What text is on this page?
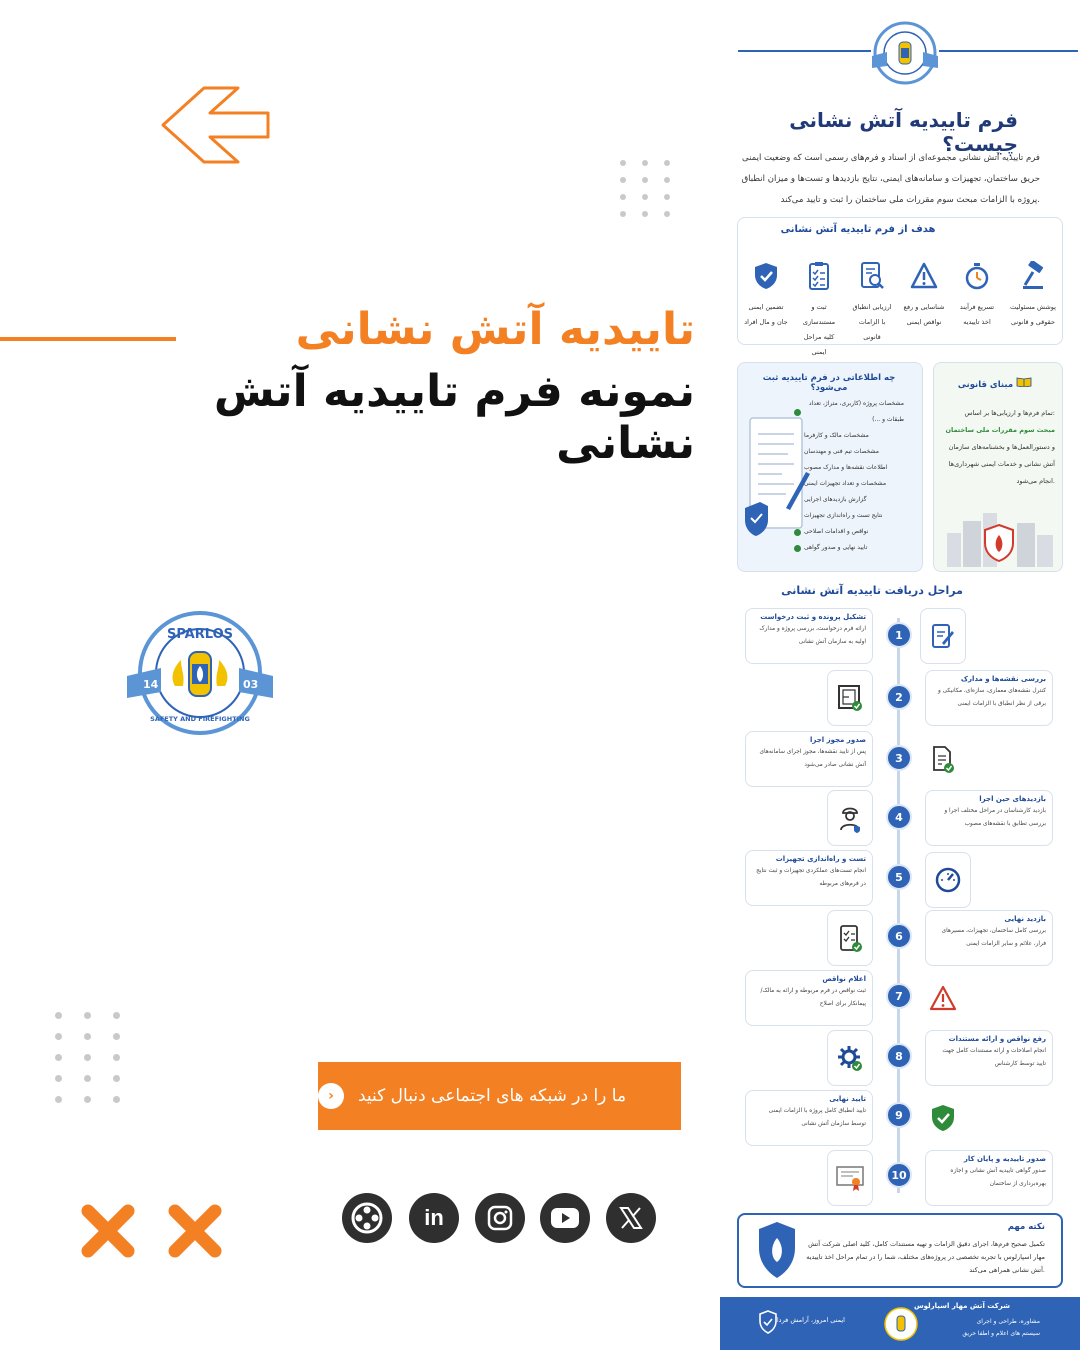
تاییدیه آتش نشانی
نمونه فرم تاییدیه آتش نشانی
14	03
SPARLOS
SAFETY AND FIREFIGHTING
ما را در شبکه های اجتماعی دنبال کنید
‹
in
فرم تاییدیه آتش نشانی چیست؟
فرم تاییدیه آتش نشانی مجموعه‌ای از اسناد و فرم‌های رسمی است که وضعیت ایمنی حریق ساختمان، تجهیزات و سامانه‌های ایمنی، نتایج بازدیدها و تست‌ها و میزان انطباق پروژه با الزامات مبحث سوم مقررات ملی ساختمان را ثبت و تایید می‌کند.
هدف از فرم تاییدیه آتش نشانی
پوشش مسئولیت
حقوقی و قانونی
تسریع فرآیند
اخذ تاییدیه
شناسایی و رفع
نواقص ایمنی
ارزیابی انطباق
با الزامات قانونی
ثبت و مستندسازی
کلیه مراحل ایمنی
تضمین ایمنی
جان و مال افراد
مبنای قانونی
تمام فرم‌ها و ارزیابی‌ها بر اساس:
مبحث سوم مقررات ملی ساختمان
و دستورالعمل‌ها و بخشنامه‌های سازمان آتش نشانی و خدمات ایمنی شهرداری‌ها انجام می‌شود.
چه اطلاعاتی در فرم تاییدیه ثبت می‌شود؟
مشخصات پروژه (کاربری، متراژ، تعداد طبقات و ...)
مشخصات مالک و کارفرما
مشخصات تیم فنی و مهندسان
اطلاعات نقشه‌ها و مدارک مصوب
مشخصات و تعداد تجهیزات ایمنی
گزارش بازدیدهای اجرایی
نتایج تست و راه‌اندازی تجهیزات
نواقص و اقدامات اصلاحی
تایید نهایی و صدور گواهی
مراحل دریافت تاییدیه آتش نشانی
1
تشکیل پرونده و ثبت درخواست
ارائه فرم درخواست، بررسی پروژه و مدارک اولیه به سازمان آتش نشانی
2
بررسی نقشه‌ها و مدارک
کنترل نقشه‌های معماری، سازه‌ای، مکانیکی و برقی از نظر انطباق با الزامات ایمنی
3
صدور مجوز اجرا
پس از تایید نقشه‌ها، مجوز اجرای سامانه‌های آتش نشانی صادر می‌شود
4
بازدیدهای حین اجرا
بازدید کارشناسان در مراحل مختلف اجرا و بررسی تطابق با نقشه‌های مصوب
5
تست و راه‌اندازی تجهیزات
انجام تست‌های عملکردی تجهیزات و ثبت نتایج در فرم‌های مربوطه
6
بازدید نهایی
بررسی کامل ساختمان، تجهیزات، مسیرهای فرار، علائم و سایر الزامات ایمنی
7
اعلام نواقص
ثبت نواقص در فرم مربوطه و ارائه به مالک/پیمانکار برای اصلاح
8
رفع نواقص و ارائه مستندات
انجام اصلاحات و ارائه مستندات کامل جهت تایید توسط کارشناس
9
تایید نهایی
تایید انطباق کامل پروژه با الزامات ایمنی توسط سازمان آتش نشانی
10
صدور تاییدیه و پایان کار
صدور گواهی تاییدیه آتش نشانی و اجازه بهره‌برداری از ساختمان
نکته مهم
تکمیل صحیح فرم‌ها، اجرای دقیق الزامات و تهیه مستندات کامل، کلید اصلی شرکت آتش مهار اسپارلوس با تجربه تخصصی در پروژه‌های مختلف، شما را در تمام مراحل اخذ تاییدیه آتش نشانی همراهی می‌کند.
شرکت آتش مهار اسپارلوس
مشاوره، طراحی و اجرای
سیستم های اعلام و اطفا حریق
ایمنی امروز، آرامش فردا
